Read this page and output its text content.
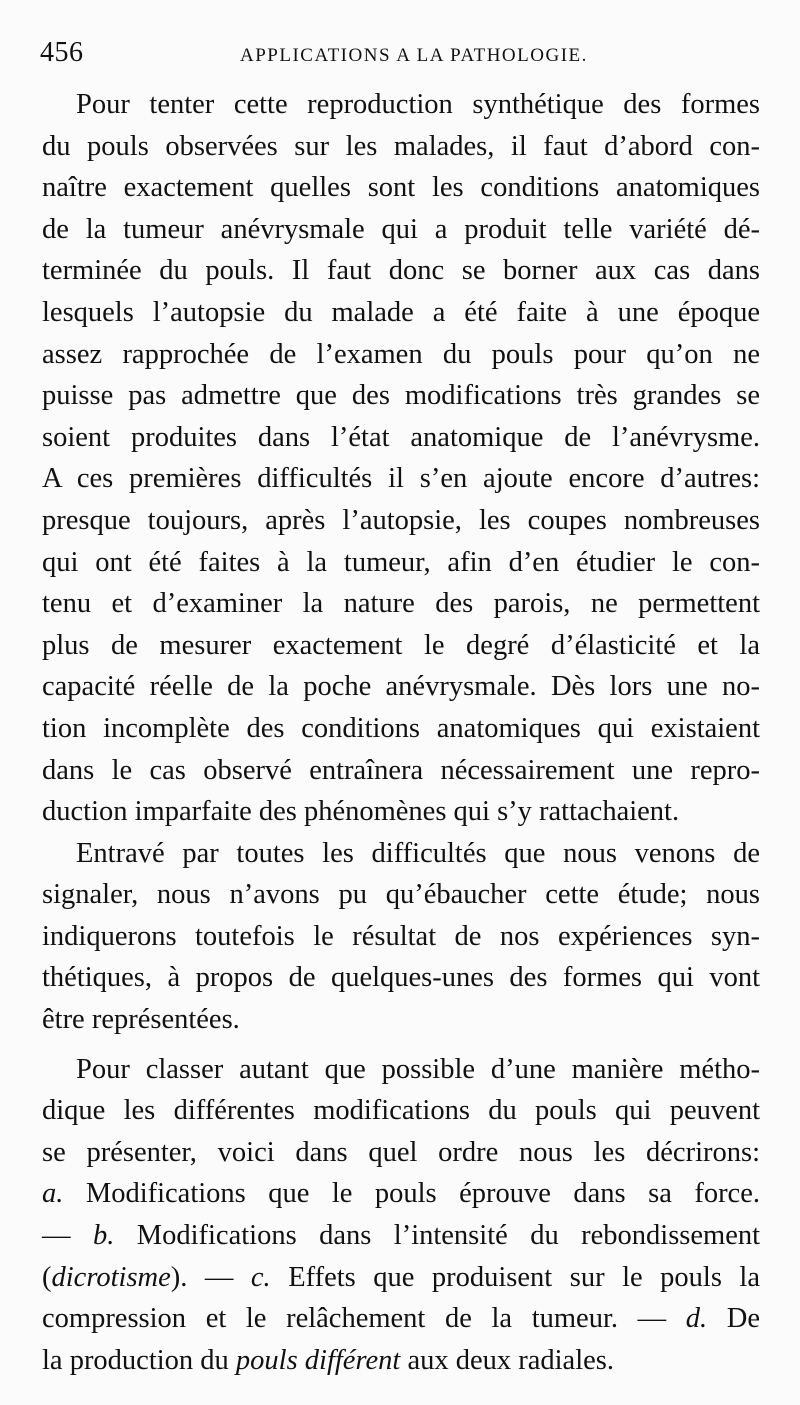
456	APPLICATIONS A LA PATHOLOGIE.
Pour tenter cette reproduction synthétique des formes
du pouls observées sur les malades, il faut d’abord con-
naître exactement quelles sont les conditions anatomiques
de la tumeur anévrysmale qui a produit telle variété dé-
terminée du pouls. Il faut donc se borner aux cas dans
lesquels l’autopsie du malade a été faite à une époque
assez rapprochée de l’examen du pouls pour qu’on ne
puisse pas admettre que des modifications très grandes se
soient produites dans l’état anatomique de l’anévrysme.
A ces premières difficultés il s’en ajoute encore d’autres:
presque toujours, après l’autopsie, les coupes nombreuses
qui ont été faites à la tumeur, afin d’en étudier le con-
tenu et d’examiner la nature des parois, ne permettent
plus de mesurer exactement le degré d’élasticité et la
capacité réelle de la poche anévrysmale. Dès lors une no-
tion incomplète des conditions anatomiques qui existaient
dans le cas observé entraînera nécessairement une repro-
duction imparfaite des phénomènes qui s’y rattachaient.
Entravé par toutes les difficultés que nous venons de
signaler, nous n’avons pu qu’ébaucher cette étude; nous
indiquerons toutefois le résultat de nos expériences syn-
thétiques, à propos de quelques-unes des formes qui vont
être représentées.
Pour classer autant que possible d’une manière métho-
dique les différentes modifications du pouls qui peuvent
se présenter, voici dans quel ordre nous les décrirons:
a. Modifications que le pouls éprouve dans sa force.
— b. Modifications dans l’intensité du rebondissement
(dicrotisme). — c. Effets que produisent sur le pouls la
compression et le relâchement de la tumeur. — d. De
la production du pouls différent aux deux radiales.
